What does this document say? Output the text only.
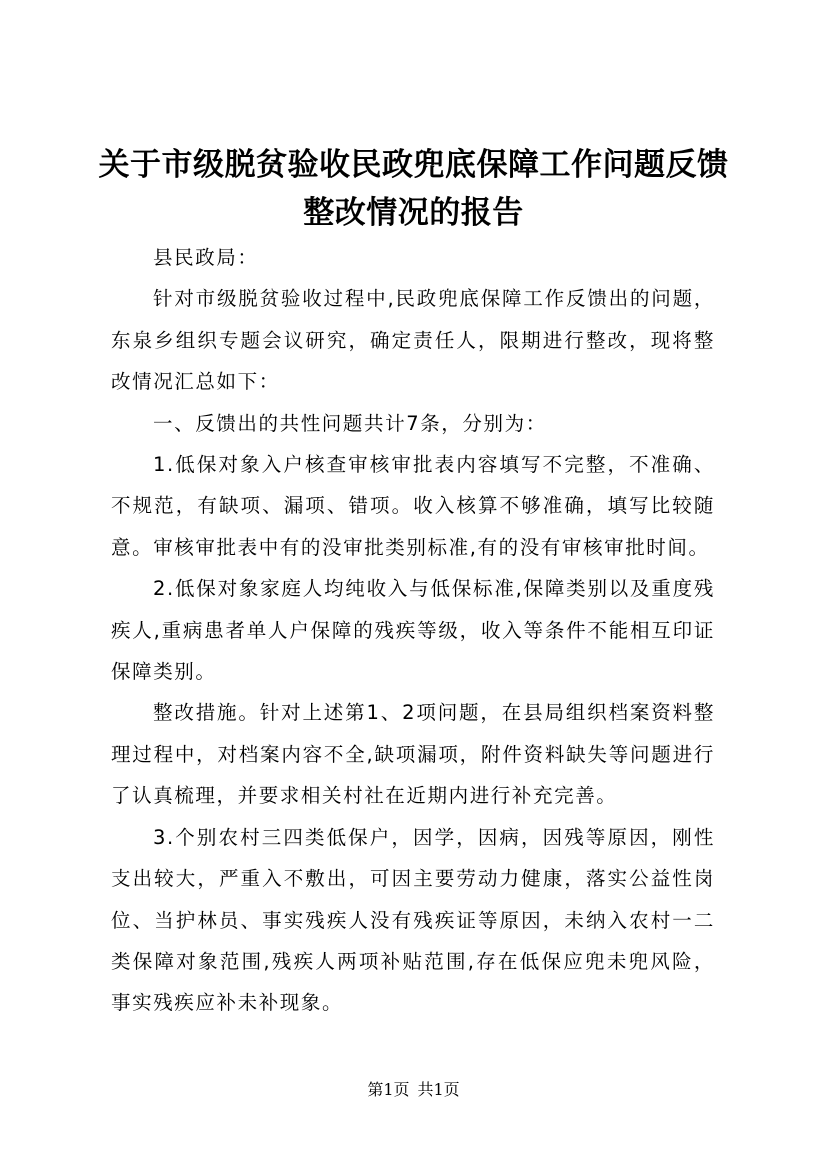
关于市级脱贫验收民政兜底保障工作问题反馈
整改情况的报告

县民政局：

针对市级脱贫验收过程中,民政兜底保障工作反馈出的问题，东泉乡组织专题会议研究，确定责任人，限期进行整改，现将整改情况汇总如下：

一、反馈出的共性问题共计7条，分别为：

1.低保对象入户核查审核审批表内容填写不完整，不准确、不规范，有缺项、漏项、错项。收入核算不够准确，填写比较随意。审核审批表中有的没审批类别标准,有的没有审核审批时间。

2.低保对象家庭人均纯收入与低保标准,保障类别以及重度残疾人,重病患者单人户保障的残疾等级，收入等条件不能相互印证保障类别。

整改措施。针对上述第1、2项问题，在县局组织档案资料整理过程中，对档案内容不全,缺项漏项，附件资料缺失等问题进行了认真梳理，并要求相关村社在近期内进行补充完善。

3.个别农村三四类低保户，因学，因病，因残等原因，刚性支出较大，严重入不敷出，可因主要劳动力健康，落实公益性岗位、当护林员、事实残疾人没有残疾证等原因，未纳入农村一二类保障对象范围,残疾人两项补贴范围,存在低保应兜未兜风险，事实残疾应补未补现象。

第1页 共1页
